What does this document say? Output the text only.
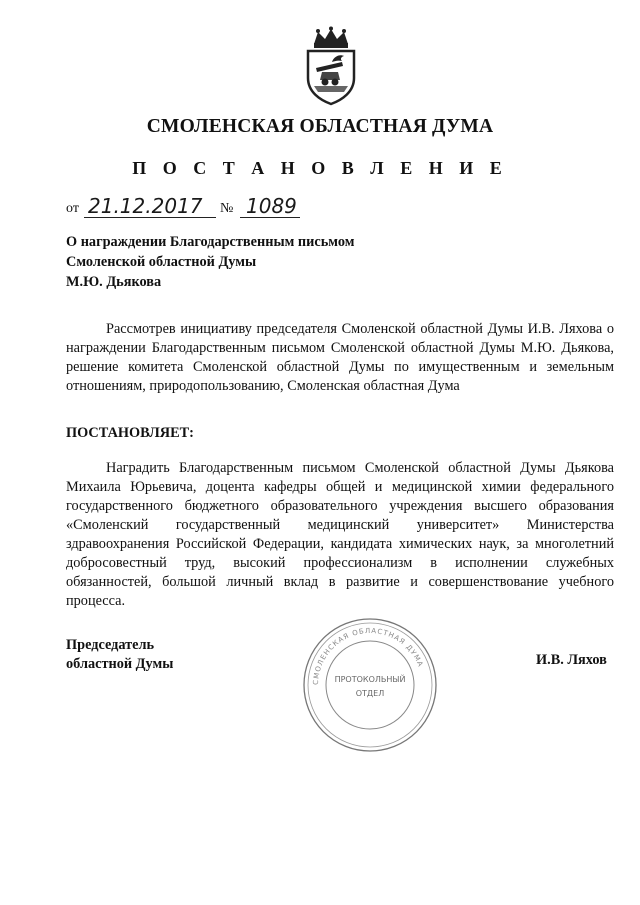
СМОЛЕНСКАЯ ОБЛАСТНАЯ ДУМА
П О С Т А Н О В Л Е Н И Е
от 21.12.2017 № 1089
О награждении Благодарственным письмом
Смоленской областной Думы
М.Ю. Дьякова
Рассмотрев инициативу председателя Смоленской областной Думы И.В. Ляхова о награждении Благодарственным письмом Смоленской областной Думы М.Ю. Дьякова, решение комитета Смоленской областной Думы по имущественным и земельным отношениям, природопользованию, Смоленская областная Дума
ПОСТАНОВЛЯЕТ:
Наградить Благодарственным письмом Смоленской областной Думы Дьякова Михаила Юрьевича, доцента кафедры общей и медицинской химии федерального государственного бюджетного образовательного учреждения высшего образования «Смоленский государственный медицинский университет» Министерства здравоохранения Российской Федерации, кандидата химических наук, за многолетний добросовестный труд, высокий профессионализм в исполнении служебных обязанностей, большой личный вклад в развитие и совершенствование учебного процесса.
Председатель
областной Думы
СМОЛЕНСКАЯ ОБЛАСТНАЯ ДУМА
ПРОТОКОЛЬНЫЙ
ОТДЕЛ
И.В. Ляхов
